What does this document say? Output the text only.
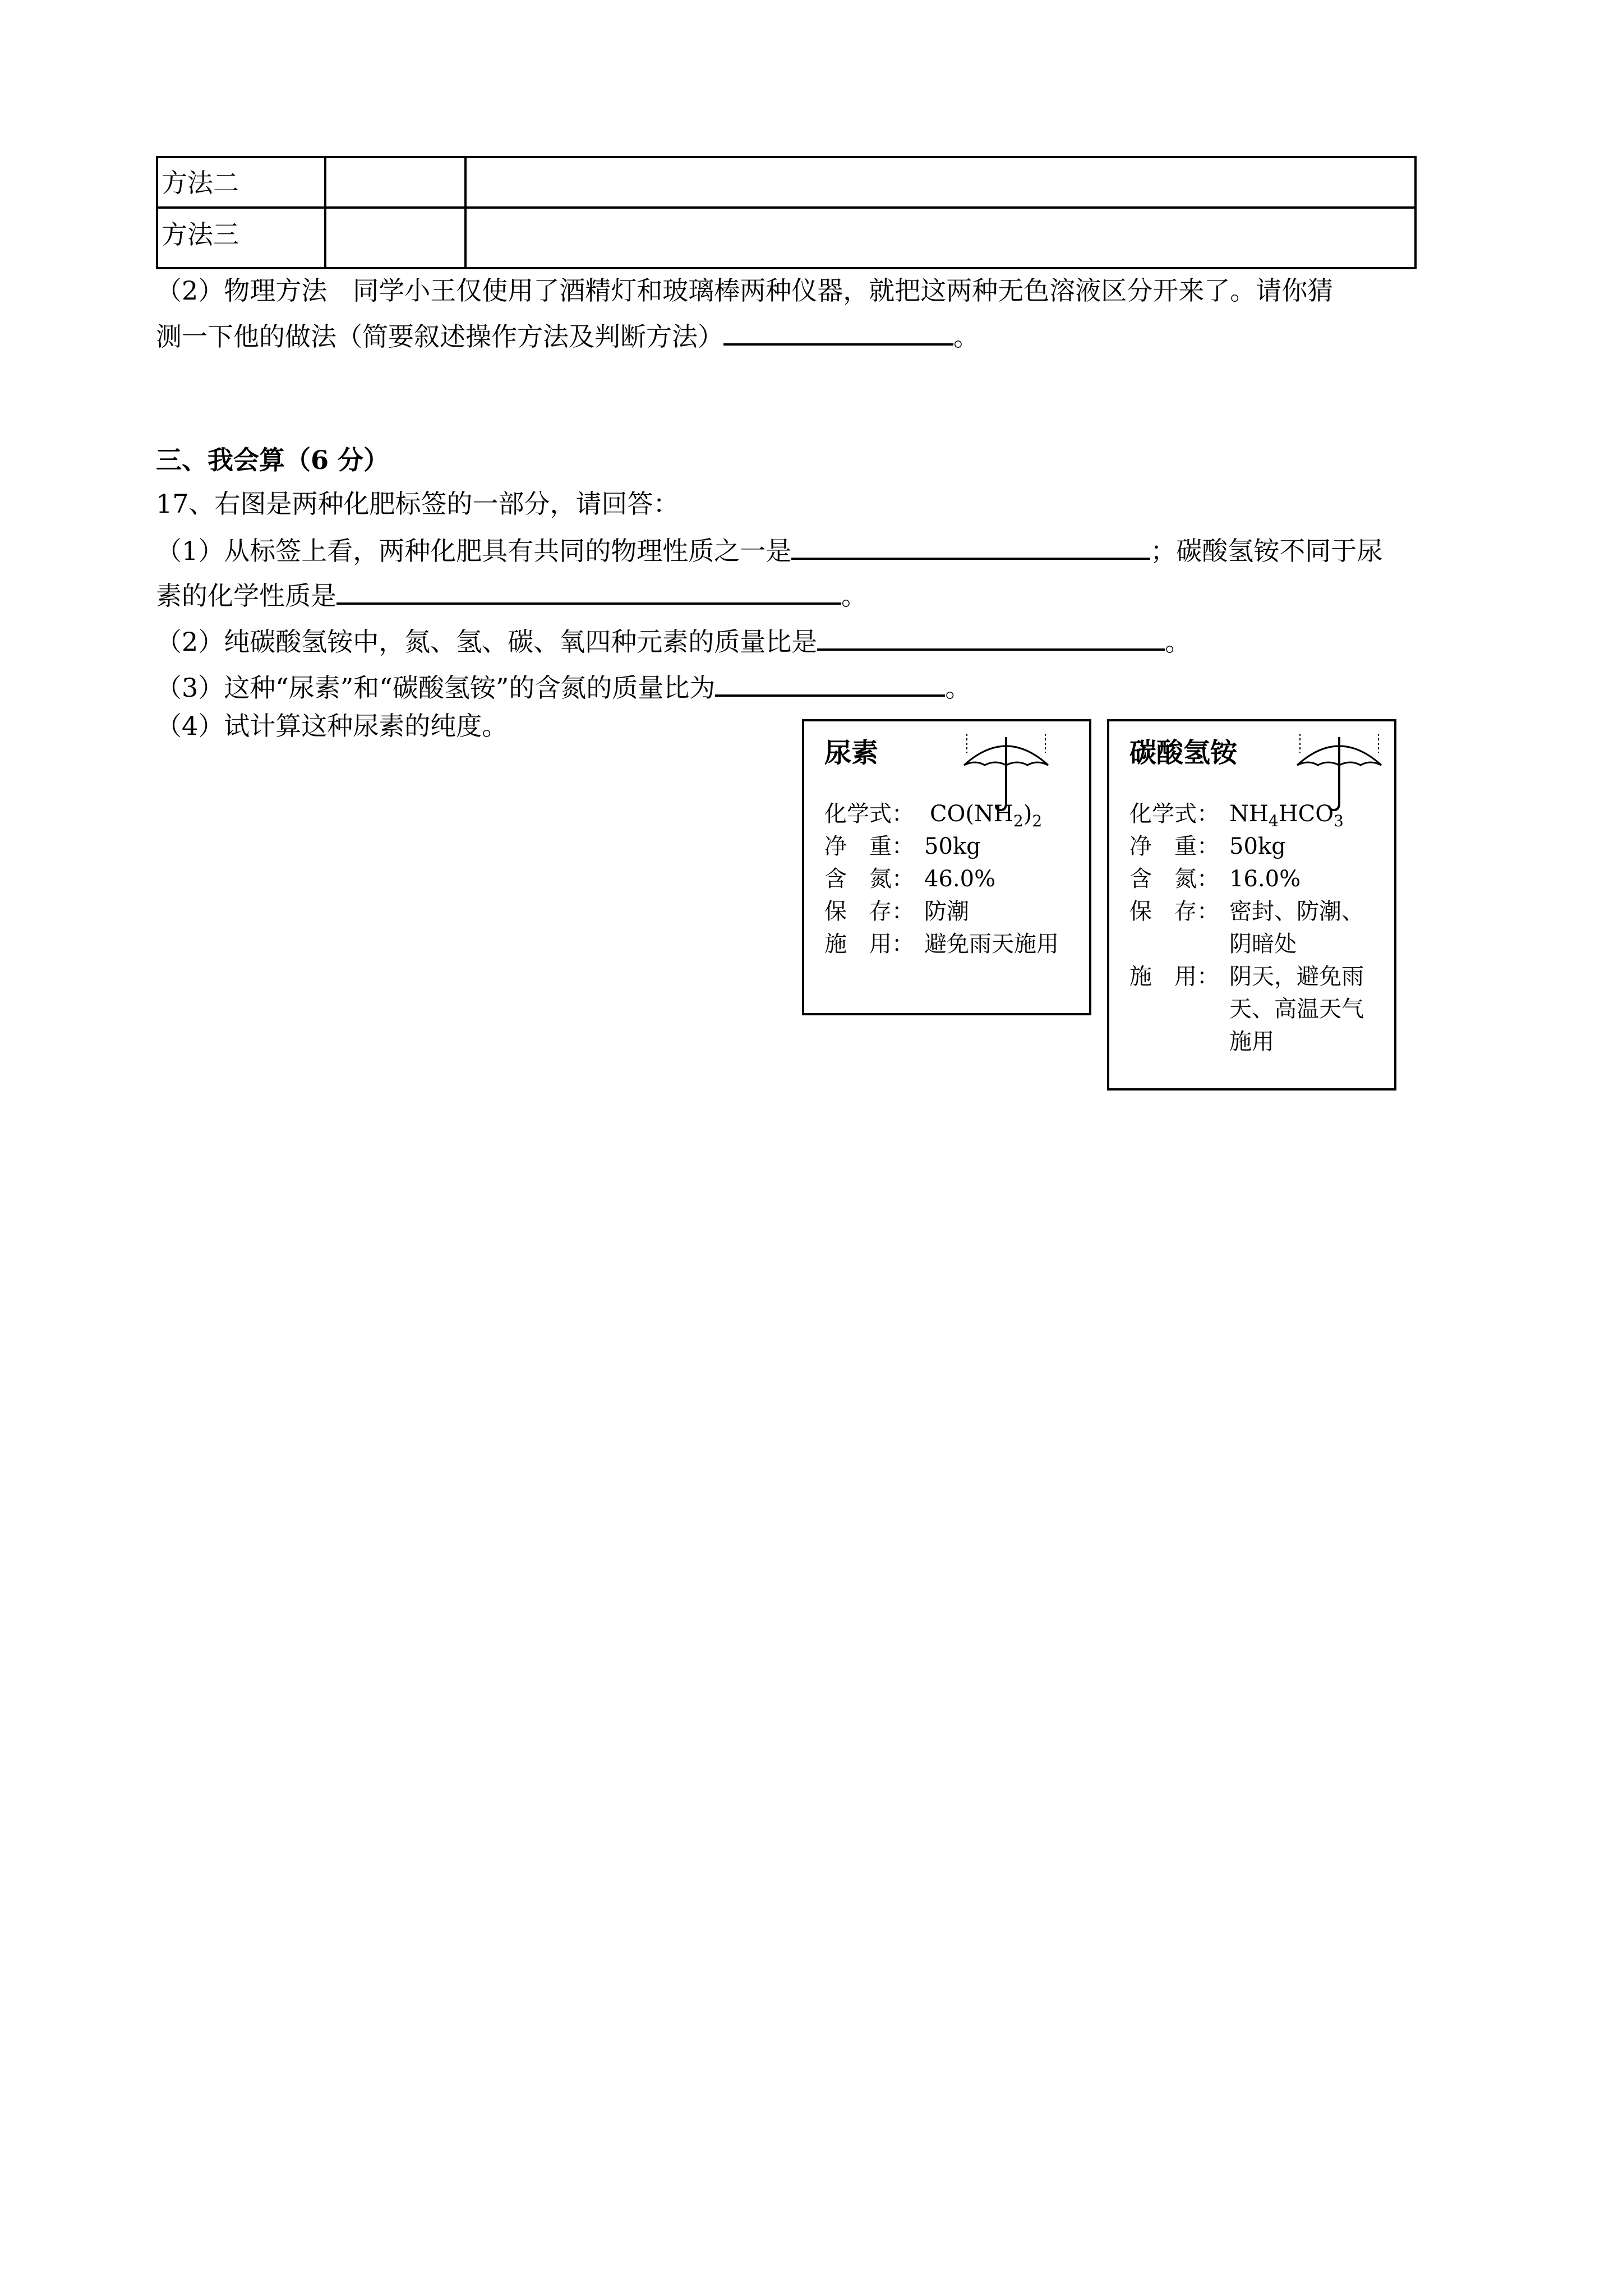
方法二
方法三
（2）物理方法　同学小王仅使用了酒精灯和玻璃棒两种仪器，就把这两种无色溶液区分开来了。请你猜
测一下他的做法（简要叙述操作方法及判断方法）	。
三、我会算（6 分）
17、右图是两种化肥标签的一部分，请回答：
（1）从标签上看，两种化肥具有共同的物理性质之一是	；碳酸氢铵不同于尿
素的化学性质是	。
（2）纯碳酸氢铵中，氮、氢、碳、氧四种元素的质量比是	。
（3）这种“尿素”和“碳酸氢铵”的含氮的质量比为	。
（4）试计算这种尿素的纯度。
尿素
化学式： $CO(NH_2)_2$
净　重： 50kg
含　氮： 46.0%
保　存： 防潮
施　用： 避免雨天施用
碳酸氢铵
化学式： $NH_4HCO_3$
净　重： 50kg
含　氮： 16.0%
保　存： 密封、防潮、
阴暗处
施　用： 阴天，避免雨
天、高温天气
施用
